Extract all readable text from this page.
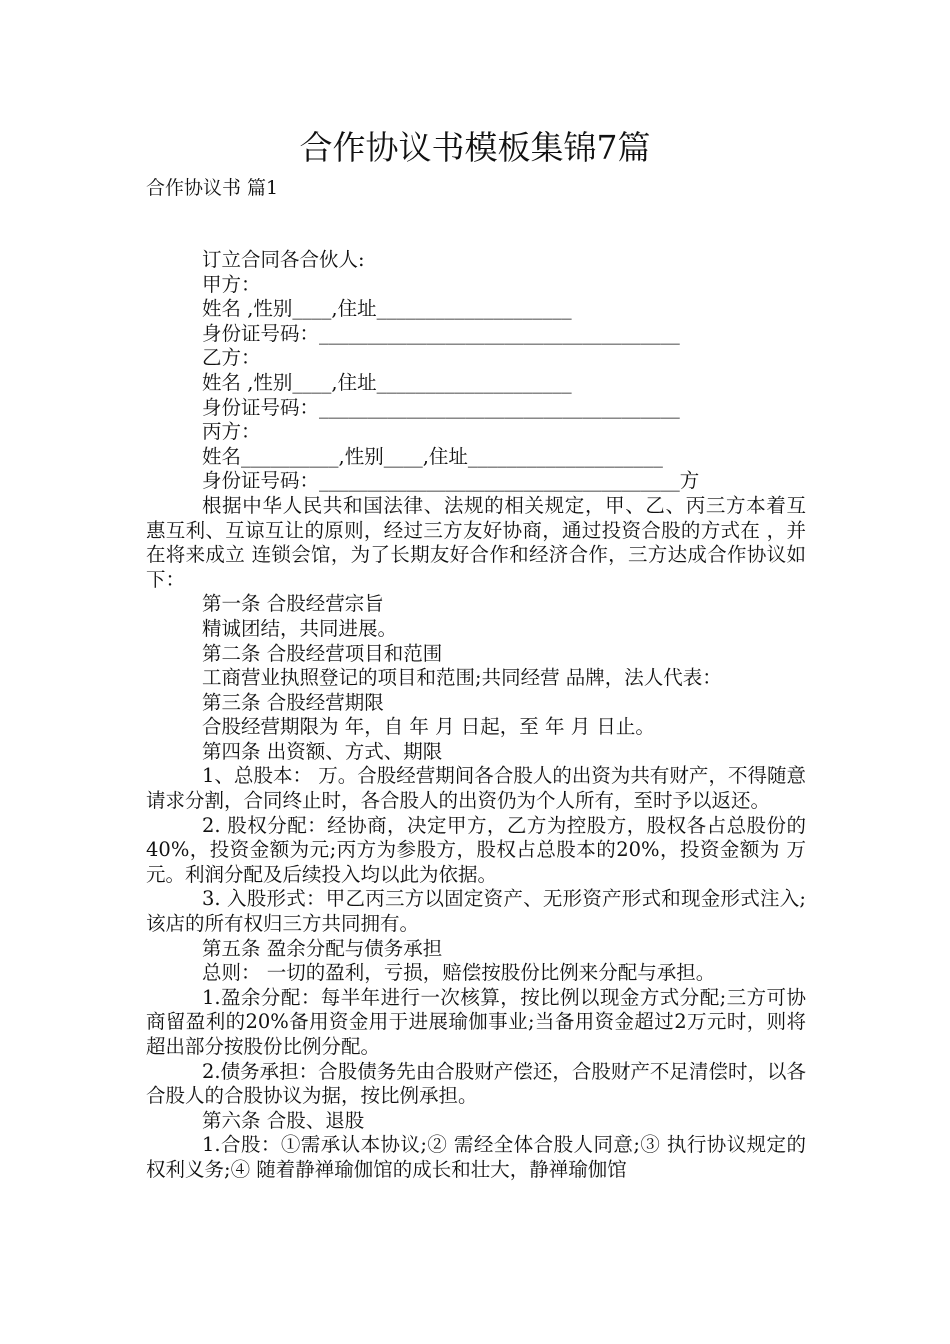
合作协议书模板集锦7篇
合作协议书 篇1

订立合同各合伙人:

甲方：

姓名 ,性别____,住址____________________

身份证号码：_____________________________________

乙方：

姓名 ,性别____,住址____________________

身份证号码：_____________________________________

丙方：

姓名__________,性别____,住址____________________

身份证号码：_____________________________________方

根据中华人民共和国法律、法规的相关规定，甲、乙、丙三方本着互惠互利、互谅互让的原则，经过三方友好协商，通过投资合股的方式在 ，并在将来成立 连锁会馆，为了长期友好合作和经济合作，三方达成合作协议如下：

第一条 合股经营宗旨

精诚团结，共同进展。

第二条 合股经营项目和范围

工商营业执照登记的项目和范围;共同经营 品牌，法人代表：

第三条 合股经营期限

合股经营期限为 年，自 年 月 日起，至 年 月 日止。

第四条 出资额、方式、期限

1、总股本： 万。合股经营期间各合股人的出资为共有财产，不得随意请求分割，合同终止时，各合股人的出资仍为个人所有，至时予以返还。

2. 股权分配：经协商，决定甲方，乙方为控股方，股权各占总股份的40%，投资金额为元;丙方为参股方，股权占总股本的20%，投资金额为 万元。利润分配及后续投入均以此为依据。

3. 入股形式：甲乙丙三方以固定资产、无形资产形式和现金形式注入;该店的所有权归三方共同拥有。

第五条 盈余分配与债务承担

总则： 一切的盈利，亏损，赔偿按股份比例来分配与承担。

1.盈余分配：每半年进行一次核算，按比例以现金方式分配;三方可协商留盈利的20%备用资金用于进展瑜伽事业;当备用资金超过2万元时，则将超出部分按股份比例分配。

2.债务承担：合股债务先由合股财产偿还，合股财产不足清偿时，以各合股人的合股协议为据，按比例承担。

第六条 合股、退股

1.合股：①需承认本协议;② 需经全体合股人同意;③ 执行协议规定的权利义务;④ 随着静禅瑜伽馆的成长和壮大，静禅瑜伽馆
